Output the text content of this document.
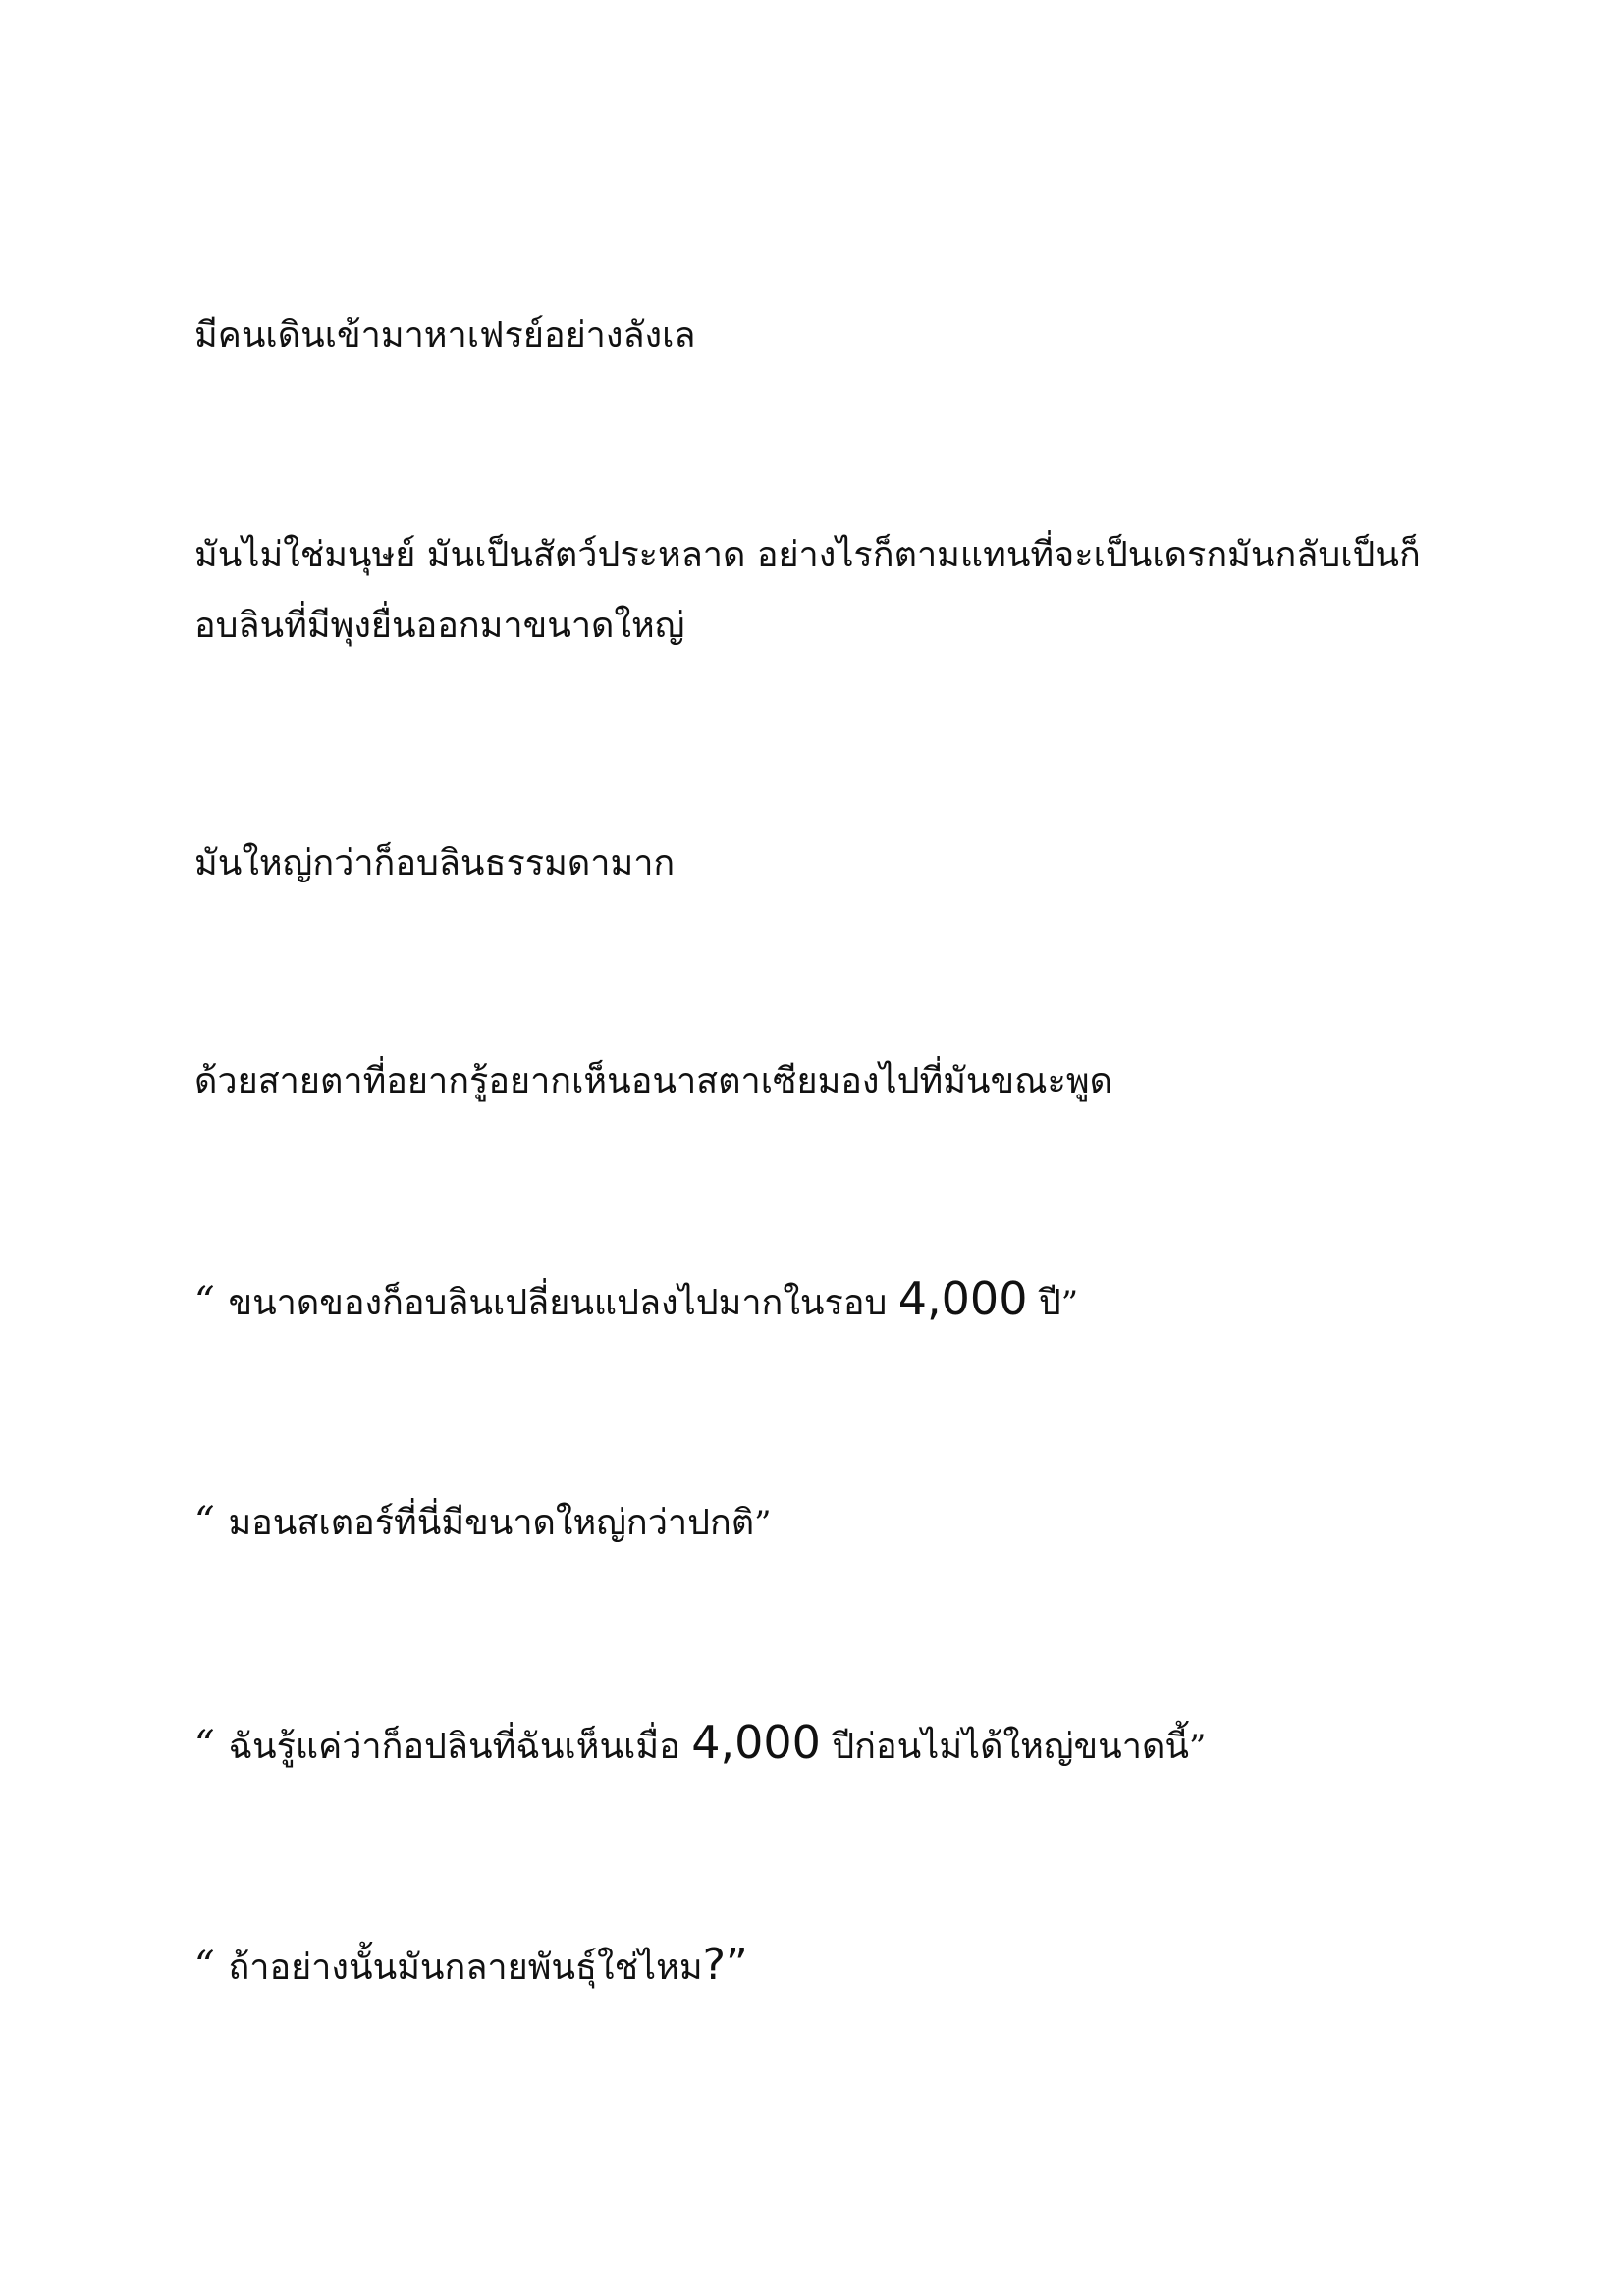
มีคนเดินเข้ามาหาเฟรย์อย่างลังเล

มันไม่ใช่มนุษย์ มันเป็นสัตว์ประหลาด อย่างไรก็ตามแทนที่จะเป็นเดรกมันกลับเป็นก็
อบลินที่มีพุงยื่นออกมาขนาดใหญ่

มันใหญ่กว่าก็อบลินธรรมดามาก

ด้วยสายตาที่อยากรู้อยากเห็นอนาสตาเซียมองไปที่มันขณะพูด

“ ขนาดของก็อบลินเปลี่ยนแปลงไปมากในรอบ 4,000 ปี”

“ มอนสเตอร์ที่นี่มีขนาดใหญ่กว่าปกติ”

“ ฉันรู้แค่ว่าก็อปลินที่ฉันเห็นเมื่อ 4,000 ปีก่อนไม่ได้ใหญ่ขนาดนี้”

“ ถ้าอย่างนั้นมันกลายพันธุ์ใช่ไหม?”
